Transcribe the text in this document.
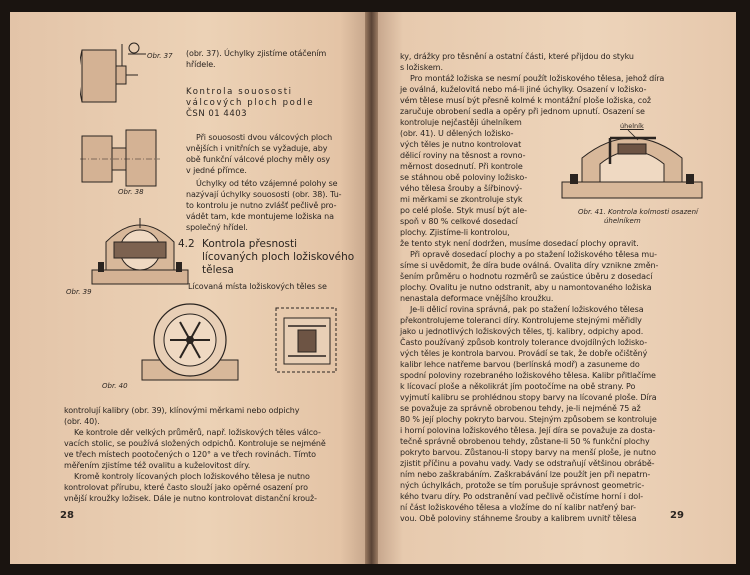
Obr. 37
Obr. 38
Obr. 39
Obr. 40
(obr. 37). Úchylky zjistíme otáčením
hřídele.
Kontrola souososti
válcových ploch podle
ČSN 01 4403
Při souososti dvou válcových ploch
vnějších i vnitřních se vyžaduje, aby
obě funkční válcové plochy měly osy
v jedné přímce.
Úchylky od této vzájemné polohy se
nazývají úchylky souososti (obr. 38). Tu-
to kontrolu je nutno zvlášť pečlivě pro-
vádět tam, kde montujeme ložiska na
společný hřídel.
4.2 Kontrola přesnosti
lícovaných ploch ložiskového
tělesa
Lícovaná místa ložiskových těles se
kontrolují kalibry (obr. 39), klínovými měrkami nebo odpichy
(obr. 40).
Ke kontrole děr velkých průměrů, např. ložiskových těles válco-
vacích stolic, se používá složených odpichů. Kontroluje se nejméně
ve třech místech pootočených o 120° a ve třech rovinách. Tímto
měřením zjistíme též ovalitu a kuželovitost díry.
Kromě kontroly lícovaných ploch ložiskového tělesa je nutno
kontrolovat přírubu, které často slouží jako opěrné osazení pro
vnější kroužky ložisek. Dále je nutno kontrolovat distanční krouž-
28
ky, drážky pro těsnění a ostatní části, které přijdou do styku
s ložiskem.
Pro montáž ložiska se nesmí použít ložiskového tělesa, jehož díra
je oválná, kuželovitá nebo má-li jiné úchylky. Osazení v ložisko-
vém tělese musí být přesně kolmé k montážní ploše ložiska, což
zaručuje obrobení sedla a opěry při jednom upnutí. Osazení se
kontroluje nejčastěji úhelníkem
(obr. 41). U dělených ložisko-
vých těles je nutno kontrolovat
dělicí roviny na těsnost a rovno-
měrnost dosednutí. Při kontrole
se stáhnou obě poloviny ložisko-
vého tělesa šrouby a šířbinový-
mi měrkami se zkontroluje styk
po celé ploše. Styk musí být ale-
spoň v 80 % celkové dosedací
plochy. Zjistíme-li kontrolou,
úhelník
Obr. 41. Kontrola kolmosti osazení
úhelníkem
že tento styk není dodržen, musíme dosedací plochy opravit.
Při opravě dosedací plochy a po stažení ložiskového tělesa mu-
síme si uvědomit, že díra bude oválná. Ovalita díry vznikne změn-
šením průměru o hodnotu rozměrů se zaústice úběru z dosedací
plochy. Ovalitu je nutno odstranit, aby u namontovaného ložiska
nenastala deformace vnějšího kroužku.
Je-li dělicí rovina správná, pak po stažení ložiskového tělesa
překontrolujeme toleranci díry. Kontrolujeme stejnými měřidly
jako u jednotlivých ložiskových těles, tj. kalibry, odpichy apod.
Často používaný způsob kontroly tolerance dvojdílných ložisko-
vých těles je kontrola barvou. Provádí se tak, že dobře očištěný
kalibr lehce natřeme barvou (berlínská modř) a zasuneme do
spodní poloviny rozebraného ložiskového tělesa. Kalibr přitlačíme
k lícovací ploše a několikrát jím pootočíme na obě strany. Po
vyjmutí kalibru se prohlédnou stopy barvy na lícované ploše. Díra
se považuje za správně obrobenou tehdy, je-li nejméně 75 až
80 % její plochy pokryto barvou. Stejným způsobem se kontroluje
i horní polovina ložiskového tělesa. Její díra se považuje za dosta-
tečně správně obrobenou tehdy, zůstane-li 50 % funkční plochy
pokryto barvou. Zůstanou-li stopy barvy na menší ploše, je nutno
zjistit příčinu a povahu vady. Vady se odstraňují většinou obrábě-
ním nebo zaškrabáním. Zaškrabávání lze použít jen při nepatrn-
ných úchylkách, protože se tím porušuje správnost geometric-
kého tvaru díry. Po odstranění vad pečlivě očistíme horní i dol-
ní část ložiskového tělesa a vložíme do ní kalibr natřený bar-
vou. Obě poloviny stáhneme šrouby a kalibrem uvnitř tělesa	29
